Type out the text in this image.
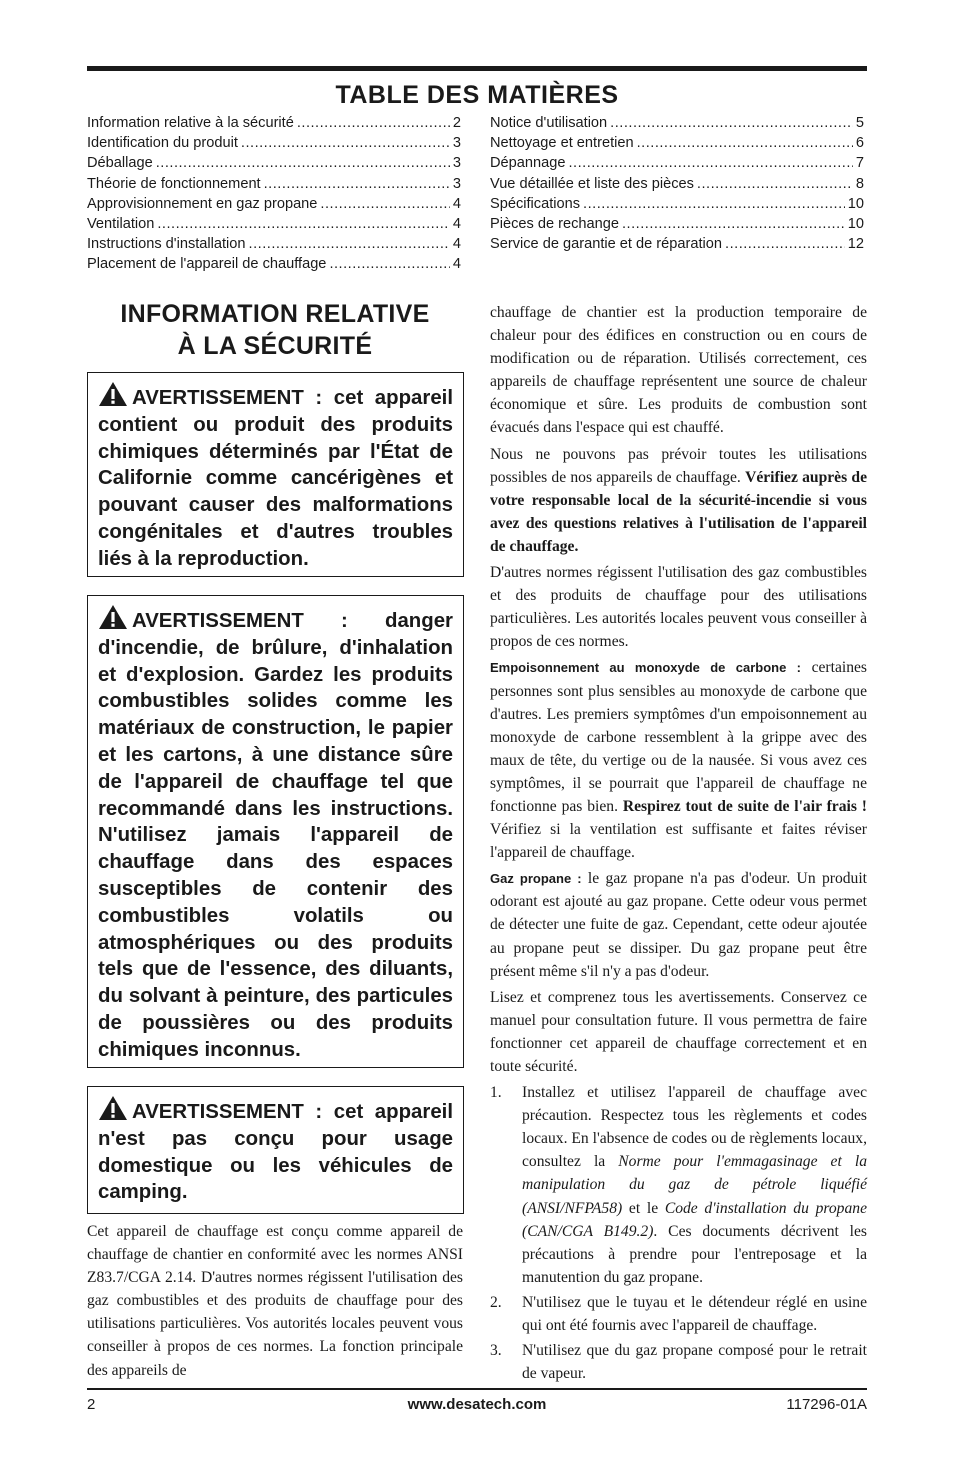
TABLE DES MATIÈRES
Information relative à la sécurité .....	2
Identification du produit .....	3
Déballage .....	3
Théorie de fonctionnement .....	3
Approvisionnement en gaz propane .....	4
Ventilation .....	4
Instructions d'installation .....	4
Placement de l'appareil de chauffage .....	4
Notice d'utilisation .....	5
Nettoyage et entretien .....	6
Dépannage .....	7
Vue détaillée et liste des pièces .....	8
Spécifications .....	10
Pièces de rechange .....	10
Service de garantie et de réparation .....	12
INFORMATION RELATIVE
À LA SÉCURITÉ
AVERTISSEMENT : cet appareil contient ou produit des produits chimiques déterminés par l'État de Californie comme cancérigènes et pouvant causer des malformations congénitales et d'autres troubles liés à la reproduction.
AVERTISSEMENT : danger d'incendie, de brûlure, d'inhalation et d'explosion. Gardez les produits combustibles solides comme les matériaux de construction, le papier et les cartons, à une distance sûre de l'appareil de chauffage tel que recommandé dans les instructions. N'utilisez jamais l'appareil de chauffage dans des espaces susceptibles de contenir des combustibles volatils ou atmosphériques ou des produits tels que de l'essence, des diluants, du solvant à peinture, des particules de poussières ou des produits chimiques inconnus.
AVERTISSEMENT : cet appareil n'est pas conçu pour usage domestique ou les véhicules de camping.
Cet appareil de chauffage est conçu comme appareil de chauffage de chantier en conformité avec les normes ANSI Z83.7/CGA 2.14. D'autres normes régissent l'utilisation des gaz combustibles et des produits de chauffage pour des utilisations particulières. Vos autorités locales peuvent vous conseiller à propos de ces normes. La fonction principale des appareils de

chauffage de chantier est la production temporaire de chaleur pour des édifices en construction ou en cours de modification ou de réparation. Utilisés correctement, ces appareils de chauffage représentent une source de chaleur économique et sûre. Les produits de combustion sont évacués dans l'espace qui est chauffé.

Nous ne pouvons pas prévoir toutes les utilisations possibles de nos appareils de chauffage. Vérifiez auprès de votre responsable local de la sécurité-incendie si vous avez des questions relatives à l'utilisation de l'appareil de chauffage.

D'autres normes régissent l'utilisation des gaz combustibles et des produits de chauffage pour des utilisations particulières. Les autorités locales peuvent vous conseiller à propos de ces normes.

Empoisonnement au monoxyde de carbone : certaines personnes sont plus sensibles au monoxyde de carbone que d'autres. Les premiers symptômes d'un empoisonnement au monoxyde de carbone ressemblent à la grippe avec des maux de tête, du vertige ou de la nausée. Si vous avez ces symptômes, il se pourrait que l'appareil de chauffage ne fonctionne pas bien. Respirez tout de suite de l'air frais ! Vérifiez si la ventilation est suffisante et faites réviser l'appareil de chauffage.

Gaz propane : le gaz propane n'a pas d'odeur. Un produit odorant est ajouté au gaz propane. Cette odeur vous permet de détecter une fuite de gaz. Cependant, cette odeur ajoutée au propane peut se dissiper. Du gaz propane peut être présent même s'il n'y a pas d'odeur.

Lisez et comprenez tous les avertissements. Conservez ce manuel pour consultation future. Il vous permettra de faire fonctionner cet appareil de chauffage correctement et en toute sécurité.

1.	Installez et utilisez l'appareil de chauffage avec précaution. Respectez tous les règlements et codes locaux. En l'absence de codes ou de règlements locaux, consultez la Norme pour l'emmagasinage et la manipulation du gaz de pétrole liquéfié (ANSI/NFPA58) et le Code d'installation du propane (CAN/CGA B149.2). Ces documents décrivent les précautions à prendre pour l'entreposage et la manutention du gaz propane.
2.	N'utilisez que le tuyau et le détendeur réglé en usine qui ont été fournis avec l'appareil de chauffage.
3.	N'utilisez que du gaz propane composé pour le retrait de vapeur.
2	www.desatech.com	117296-01A
